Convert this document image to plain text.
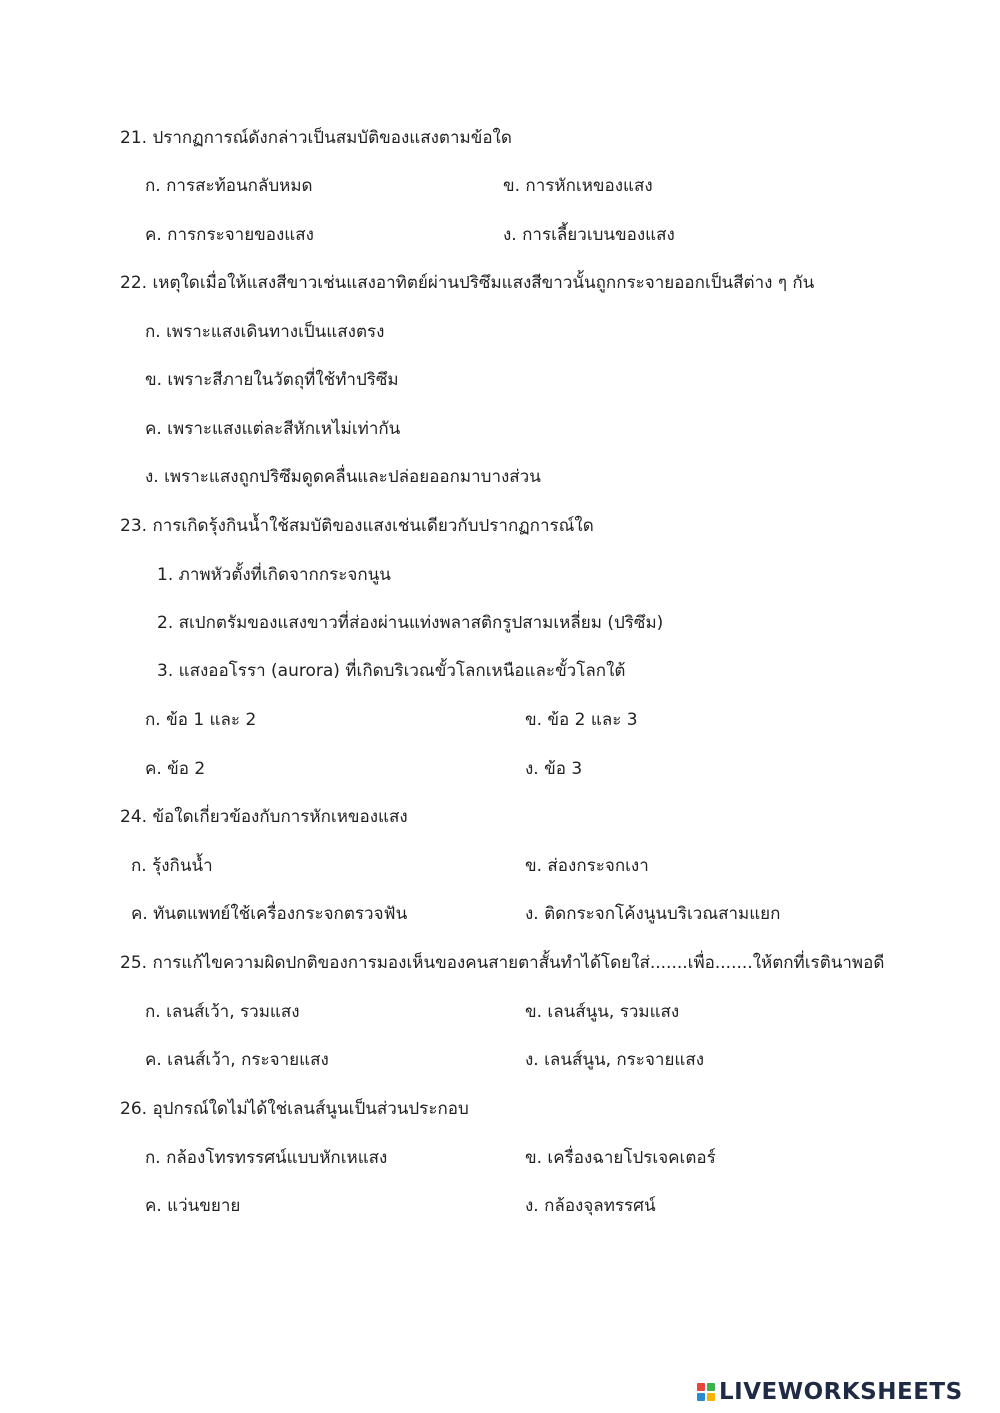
21. ปรากฏการณ์ดังกล่าวเป็นสมบัติของแสงตามข้อใด
ก. การสะท้อนกลับหมด	ข. การหักเหของแสง
ค. การกระจายของแสง	ง. การเลี้ยวเบนของแสง
22. เหตุใดเมื่อให้แสงสีขาวเช่นแสงอาทิตย์ผ่านปริซึมแสงสีขาวนั้นถูกกระจายออกเป็นสีต่าง ๆ กัน
ก. เพราะแสงเดินทางเป็นแสงตรง
ข. เพราะสีภายในวัตถุที่ใช้ทำปริซึม
ค. เพราะแสงแต่ละสีหักเหไม่เท่ากัน
ง. เพราะแสงถูกปริซึมดูดคลื่นและปล่อยออกมาบางส่วน
23. การเกิดรุ้งกินน้ำใช้สมบัติของแสงเช่นเดียวกับปรากฏการณ์ใด
1. ภาพหัวตั้งที่เกิดจากกระจกนูน
2. สเปกตรัมของแสงขาวที่ส่องผ่านแท่งพลาสติกรูปสามเหลี่ยม (ปริซึม)
3. แสงออโรรา (aurora) ที่เกิดบริเวณขั้วโลกเหนือและขั้วโลกใต้
ก. ข้อ 1 และ 2	ข. ข้อ 2 และ 3
ค. ข้อ 2	ง. ข้อ 3
24. ข้อใดเกี่ยวข้องกับการหักเหของแสง
ก. รุ้งกินน้ำ	ข. ส่องกระจกเงา
ค. ทันตแพทย์ใช้เครื่องกระจกตรวจฟัน	ง. ติดกระจกโค้งนูนบริเวณสามแยก
25. การแก้ไขความผิดปกติของการมองเห็นของคนสายตาสั้นทำได้โดยใส่.......เพื่อ.......ให้ตกที่เรตินาพอดี
ก. เลนส์เว้า, รวมแสง	ข. เลนส์นูน, รวมแสง
ค. เลนส์เว้า, กระจายแสง	ง. เลนส์นูน, กระจายแสง
26. อุปกรณ์ใดไม่ได้ใช่เลนส์นูนเป็นส่วนประกอบ
ก. กล้องโทรทรรศน์แบบหักเหแสง	ข. เครื่องฉายโปรเจคเตอร์
ค. แว่นขยาย	ง. กล้องจุลทรรศน์
LIVEWORKSHEETS
